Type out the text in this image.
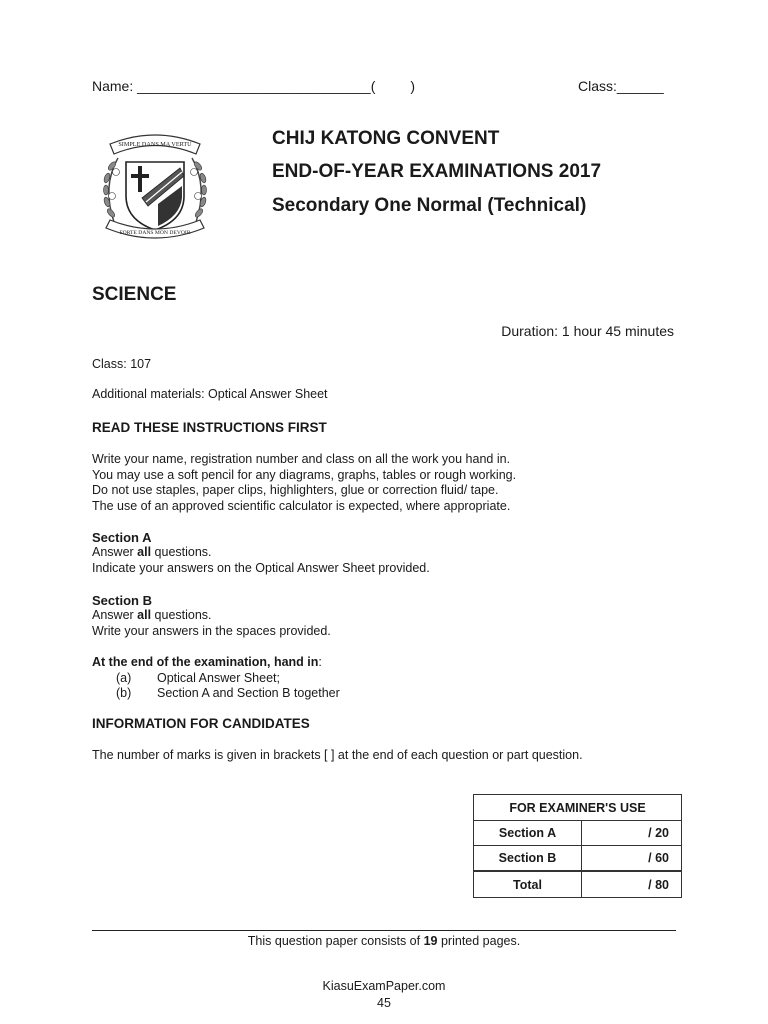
Name: ______________________________(         )	Class:______
SIMPLE DANS MA VERTU
FORTE DANS MON DEVOIR
CHIJ KATONG CONVENT
END-OF-YEAR EXAMINATIONS 2017
Secondary One Normal (Technical)
SCIENCE
Duration: 1 hour 45 minutes
Class: 107
Additional materials: Optical Answer Sheet
READ THESE INSTRUCTIONS FIRST
Write your name, registration number and class on all the work you hand in.
You may use a soft pencil for any diagrams, graphs, tables or rough working.
Do not use staples, paper clips, highlighters, glue or correction fluid/ tape.
The use of an approved scientific calculator is expected, where appropriate.
Section A
Answer all questions.
Indicate your answers on the Optical Answer Sheet provided.
Section B
Answer all questions.
Write your answers in the spaces provided.
At the end of the examination, hand in:
(a) Optical Answer Sheet;
(b) Section A and Section B together
INFORMATION FOR CANDIDATES
The number of marks is given in brackets [ ] at the end of each question or part question.
FOR EXAMINER'S USE	
Section A	/ 20
Section B	/ 60
Total	/ 80
This question paper consists of 19 printed pages.
KiasuExamPaper.com
45
